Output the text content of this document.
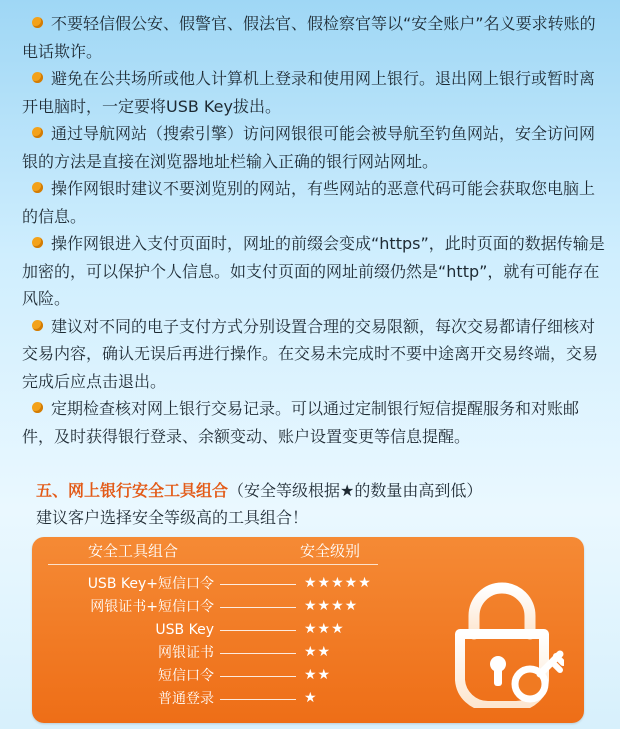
不要轻信假公安、假警官、假法官、假检察官等以“安全账户”名义要求转账的电话欺诈。

避免在公共场所或他人计算机上登录和使用网上银行。退出网上银行或暂时离开电脑时，一定要将USB Key拔出。

通过导航网站（搜索引擎）访问网银很可能会被导航至钓鱼网站，安全访问网银的方法是直接在浏览器地址栏输入正确的银行网站网址。

操作网银时建议不要浏览别的网站，有些网站的恶意代码可能会获取您电脑上的信息。

操作网银进入支付页面时，网址的前缀会变成“https”，此时页面的数据传输是加密的，可以保护个人信息。如支付页面的网址前缀仍然是“http”，就有可能存在风险。

建议对不同的电子支付方式分别设置合理的交易限额，每次交易都请仔细核对交易内容，确认无误后再进行操作。在交易未完成时不要中途离开交易终端，交易完成后应点击退出。

定期检查核对网上银行交易记录。可以通过定制银行短信提醒服务和对账邮件，及时获得银行登录、余额变动、账户设置变更等信息提醒。

五、网上银行安全工具组合（安全等级根据★的数量由高到低）
建议客户选择安全等级高的工具组合！
安全工具组合	安全级别
USB Key+短信口令	★★★★★
网银证书+短信口令	★★★★
USB Key	★★★
网银证书	★★
短信口令	★★
普通登录	★
